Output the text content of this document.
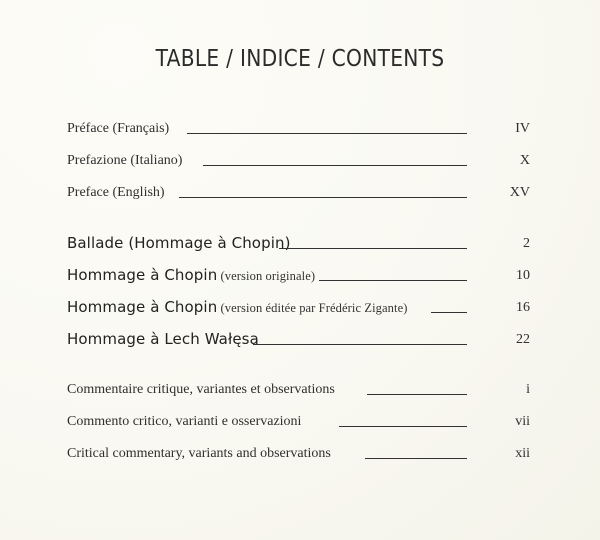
TABLE / INDICE / CONTENTS
Préface (Français)	IV
Prefazione (Italiano)	X
Preface (English)	XV
Ballade (Hommage à Chopin)	2
Hommage à Chopin (version originale)	10
Hommage à Chopin (version éditée par Frédéric Zigante)	16
Hommage à Lech Wałęsa	22
Commentaire critique, variantes et observations	i
Commento critico, varianti e osservazioni	vii
Critical commentary, variants and observations	xii
